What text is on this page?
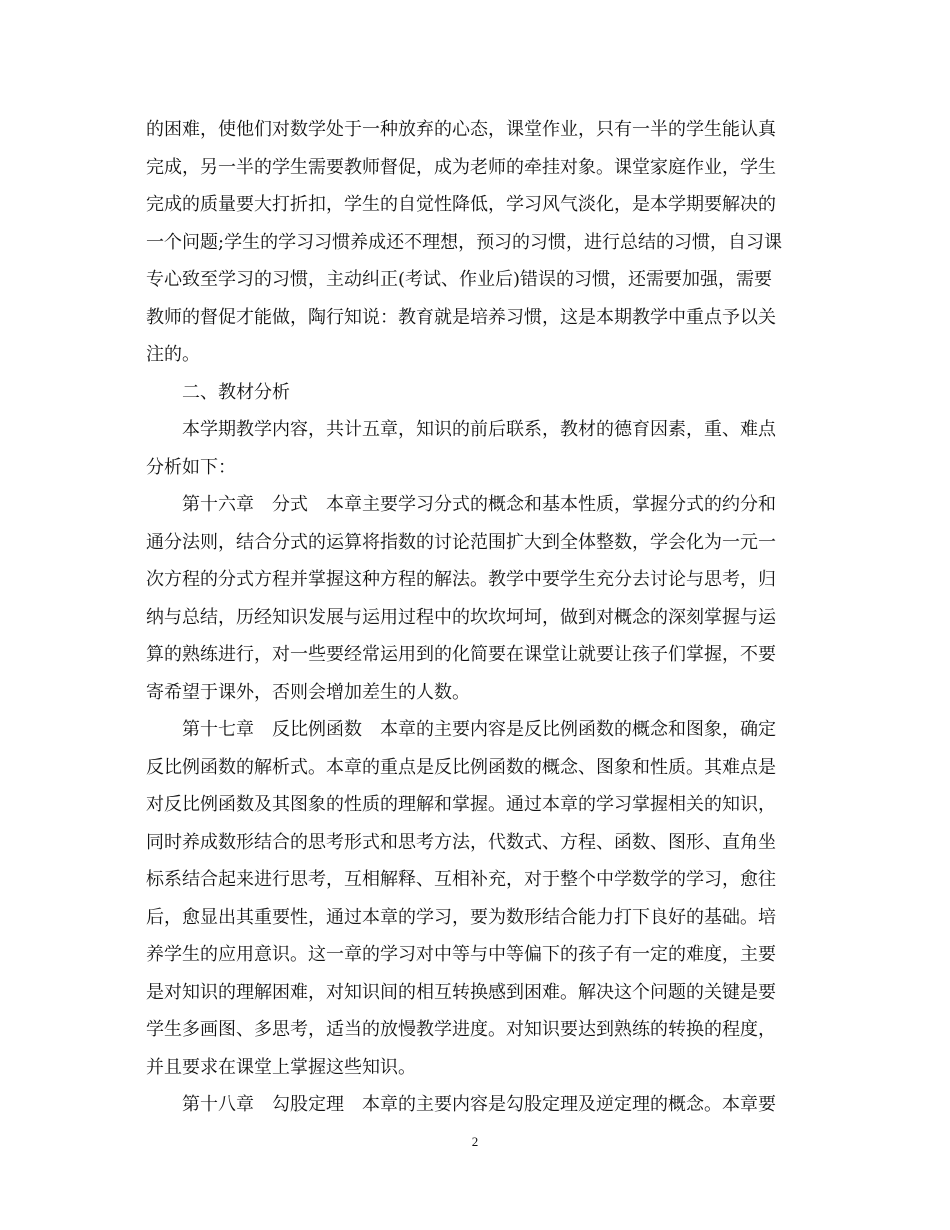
的困难，使他们对数学处于一种放弃的心态，课堂作业，只有一半的学生能认真
完成，另一半的学生需要教师督促，成为老师的牵挂对象。课堂家庭作业，学生
完成的质量要大打折扣，学生的自觉性降低，学习风气淡化，是本学期要解决的
一个问题;学生的学习习惯养成还不理想，预习的习惯，进行总结的习惯，自习课
专心致至学习的习惯，主动纠正(考试、作业后)错误的习惯，还需要加强，需要
教师的督促才能做，陶行知说：教育就是培养习惯，这是本期教学中重点予以关
注的。
　　二、教材分析
　　本学期教学内容，共计五章，知识的前后联系，教材的德育因素，重、难点
分析如下：
　　第十六章　分式　本章主要学习分式的概念和基本性质，掌握分式的约分和
通分法则，结合分式的运算将指数的讨论范围扩大到全体整数，学会化为一元一
次方程的分式方程并掌握这种方程的解法。教学中要学生充分去讨论与思考，归
纳与总结，历经知识发展与运用过程中的坎坎坷坷，做到对概念的深刻掌握与运
算的熟练进行，对一些要经常运用到的化简要在课堂让就要让孩子们掌握，不要
寄希望于课外，否则会增加差生的人数。
　　第十七章　反比例函数　本章的主要内容是反比例函数的概念和图象，确定
反比例函数的解析式。本章的重点是反比例函数的概念、图象和性质。其难点是
对反比例函数及其图象的性质的理解和掌握。通过本章的学习掌握相关的知识，
同时养成数形结合的思考形式和思考方法，代数式、方程、函数、图形、直角坐
标系结合起来进行思考，互相解释、互相补充，对于整个中学数学的学习，愈往
后，愈显出其重要性，通过本章的学习，要为数形结合能力打下良好的基础。培
养学生的应用意识。这一章的学习对中等与中等偏下的孩子有一定的难度，主要
是对知识的理解困难，对知识间的相互转换感到困难。解决这个问题的关键是要
学生多画图、多思考，适当的放慢教学进度。对知识要达到熟练的转换的程度，
并且要求在课堂上掌握这些知识。
　　第十八章　勾股定理　本章的主要内容是勾股定理及逆定理的概念。本章要
2
